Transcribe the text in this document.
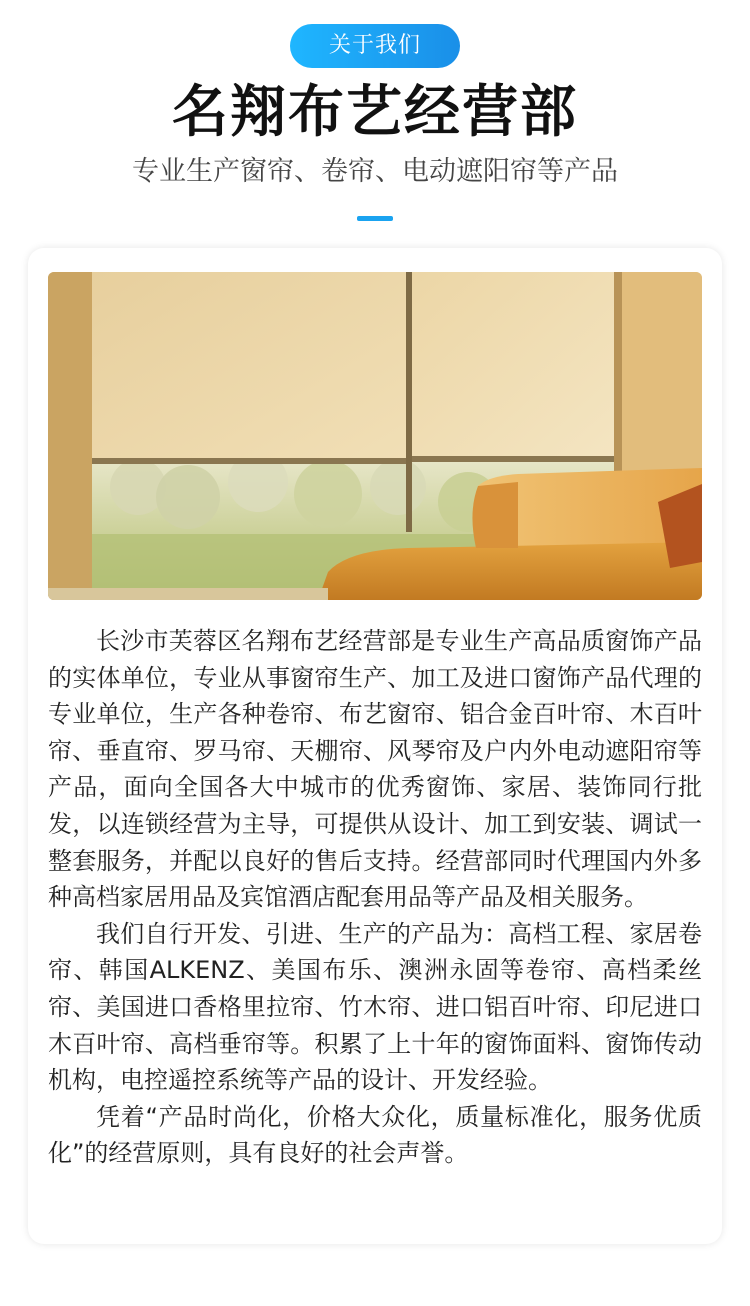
关于我们
名翔布艺经营部
专业生产窗帘、卷帘、电动遮阳帘等产品

长沙市芙蓉区名翔布艺经营部是专业生产高品质窗饰产品的实体单位，专业从事窗帘生产、加工及进口窗饰产品代理的专业单位，生产各种卷帘、布艺窗帘、铝合金百叶帘、木百叶帘、垂直帘、罗马帘、天棚帘、风琴帘及户内外电动遮阳帘等产品，面向全国各大中城市的优秀窗饰、家居、装饰同行批发，以连锁经营为主导，可提供从设计、加工到安装、调试一整套服务，并配以良好的售后支持。经营部同时代理国内外多种高档家居用品及宾馆酒店配套用品等产品及相关服务。

我们自行开发、引进、生产的产品为：高档工程、家居卷帘、韩国ALKENZ、美国布乐、澳洲永固等卷帘、高档柔丝帘、美国进口香格里拉帘、竹木帘、进口铝百叶帘、印尼进口木百叶帘、高档垂帘等。积累了上十年的窗饰面料、窗饰传动机构，电控遥控系统等产品的设计、开发经验。

凭着“产品时尚化，价格大众化，质量标准化，服务优质化”的经营原则，具有良好的社会声誉。
